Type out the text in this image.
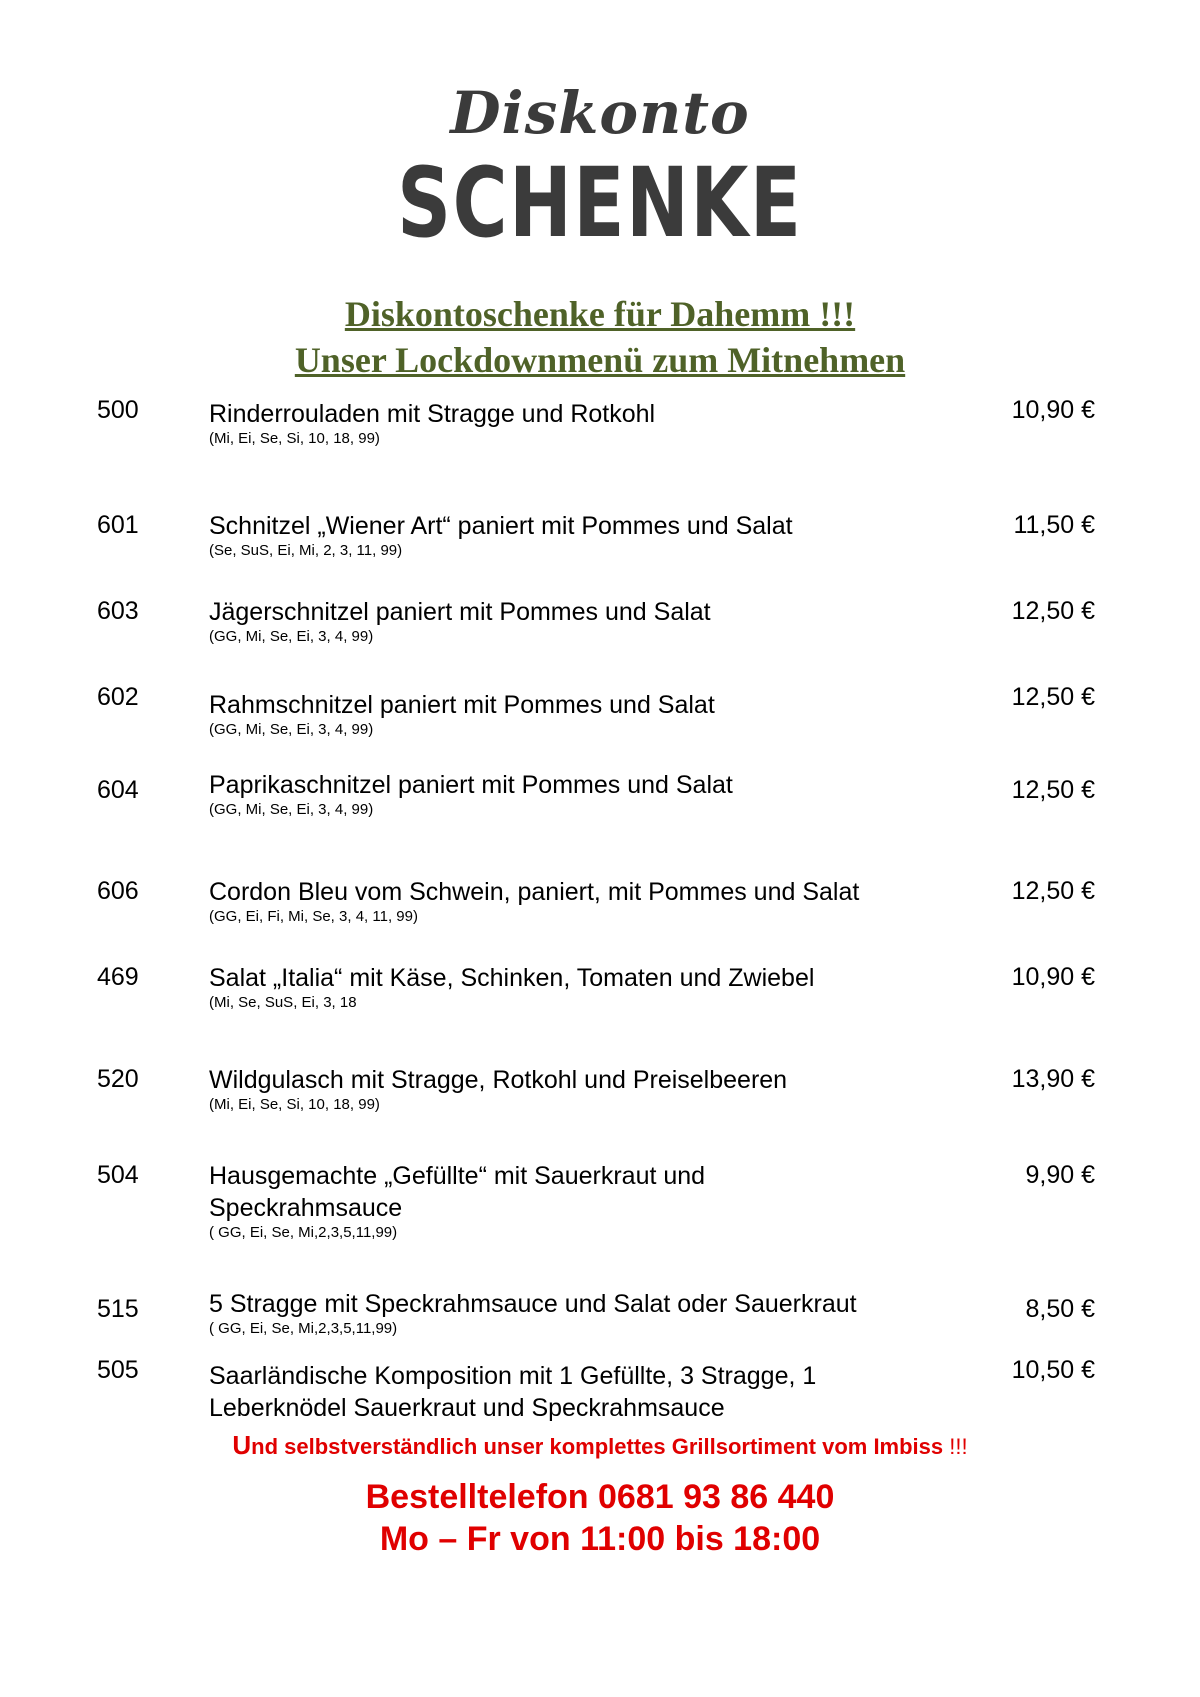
Diskonto
SCHENKE
Diskontoschenke für Dahemm !!!
Unser Lockdownmenü zum Mitnehmen
500	Rinderrouladen mit Stragge und Rotkohl
(Mi, Ei, Se, Si, 10, 18, 99)
10,90 €
601	Schnitzel „Wiener Art“ paniert mit Pommes und Salat
(Se, SuS, Ei, Mi, 2, 3, 11, 99)
11,50 €
603	Jägerschnitzel paniert mit Pommes und Salat
(GG, Mi, Se, Ei, 3, 4, 99)
12,50 €
602	Rahmschnitzel paniert mit Pommes und Salat
(GG, Mi, Se, Ei, 3, 4, 99)
12,50 €
604	Paprikaschnitzel paniert mit Pommes und Salat
(GG, Mi, Se, Ei, 3, 4, 99)
12,50 €
606	Cordon Bleu vom Schwein, paniert, mit Pommes und Salat
(GG, Ei, Fi, Mi, Se, 3, 4, 11, 99)
12,50 €
469	Salat „Italia“ mit Käse, Schinken, Tomaten und Zwiebel
(Mi, Se, SuS, Ei, 3, 18
10,90 €
520	Wildgulasch mit Stragge, Rotkohl und Preiselbeeren
(Mi, Ei, Se, Si, 10, 18, 99)
13,90 €
504	Hausgemachte „Gefüllte“ mit Sauerkraut und Speckrahmsauce
( GG, Ei, Se, Mi,2,3,5,11,99)
9,90 €
515	5 Stragge mit Speckrahmsauce und Salat oder Sauerkraut
( GG, Ei, Se, Mi,2,3,5,11,99)
8,50 €
505	Saarländische Komposition mit 1 Gefüllte, 3 Stragge, 1 Leberknödel Sauerkraut und Speckrahmsauce
10,50 €
Und selbstverständlich unser komplettes Grillsortiment vom Imbiss !!!
Bestelltelefon 0681 93 86 440
Mo – Fr von 11:00 bis 18:00
